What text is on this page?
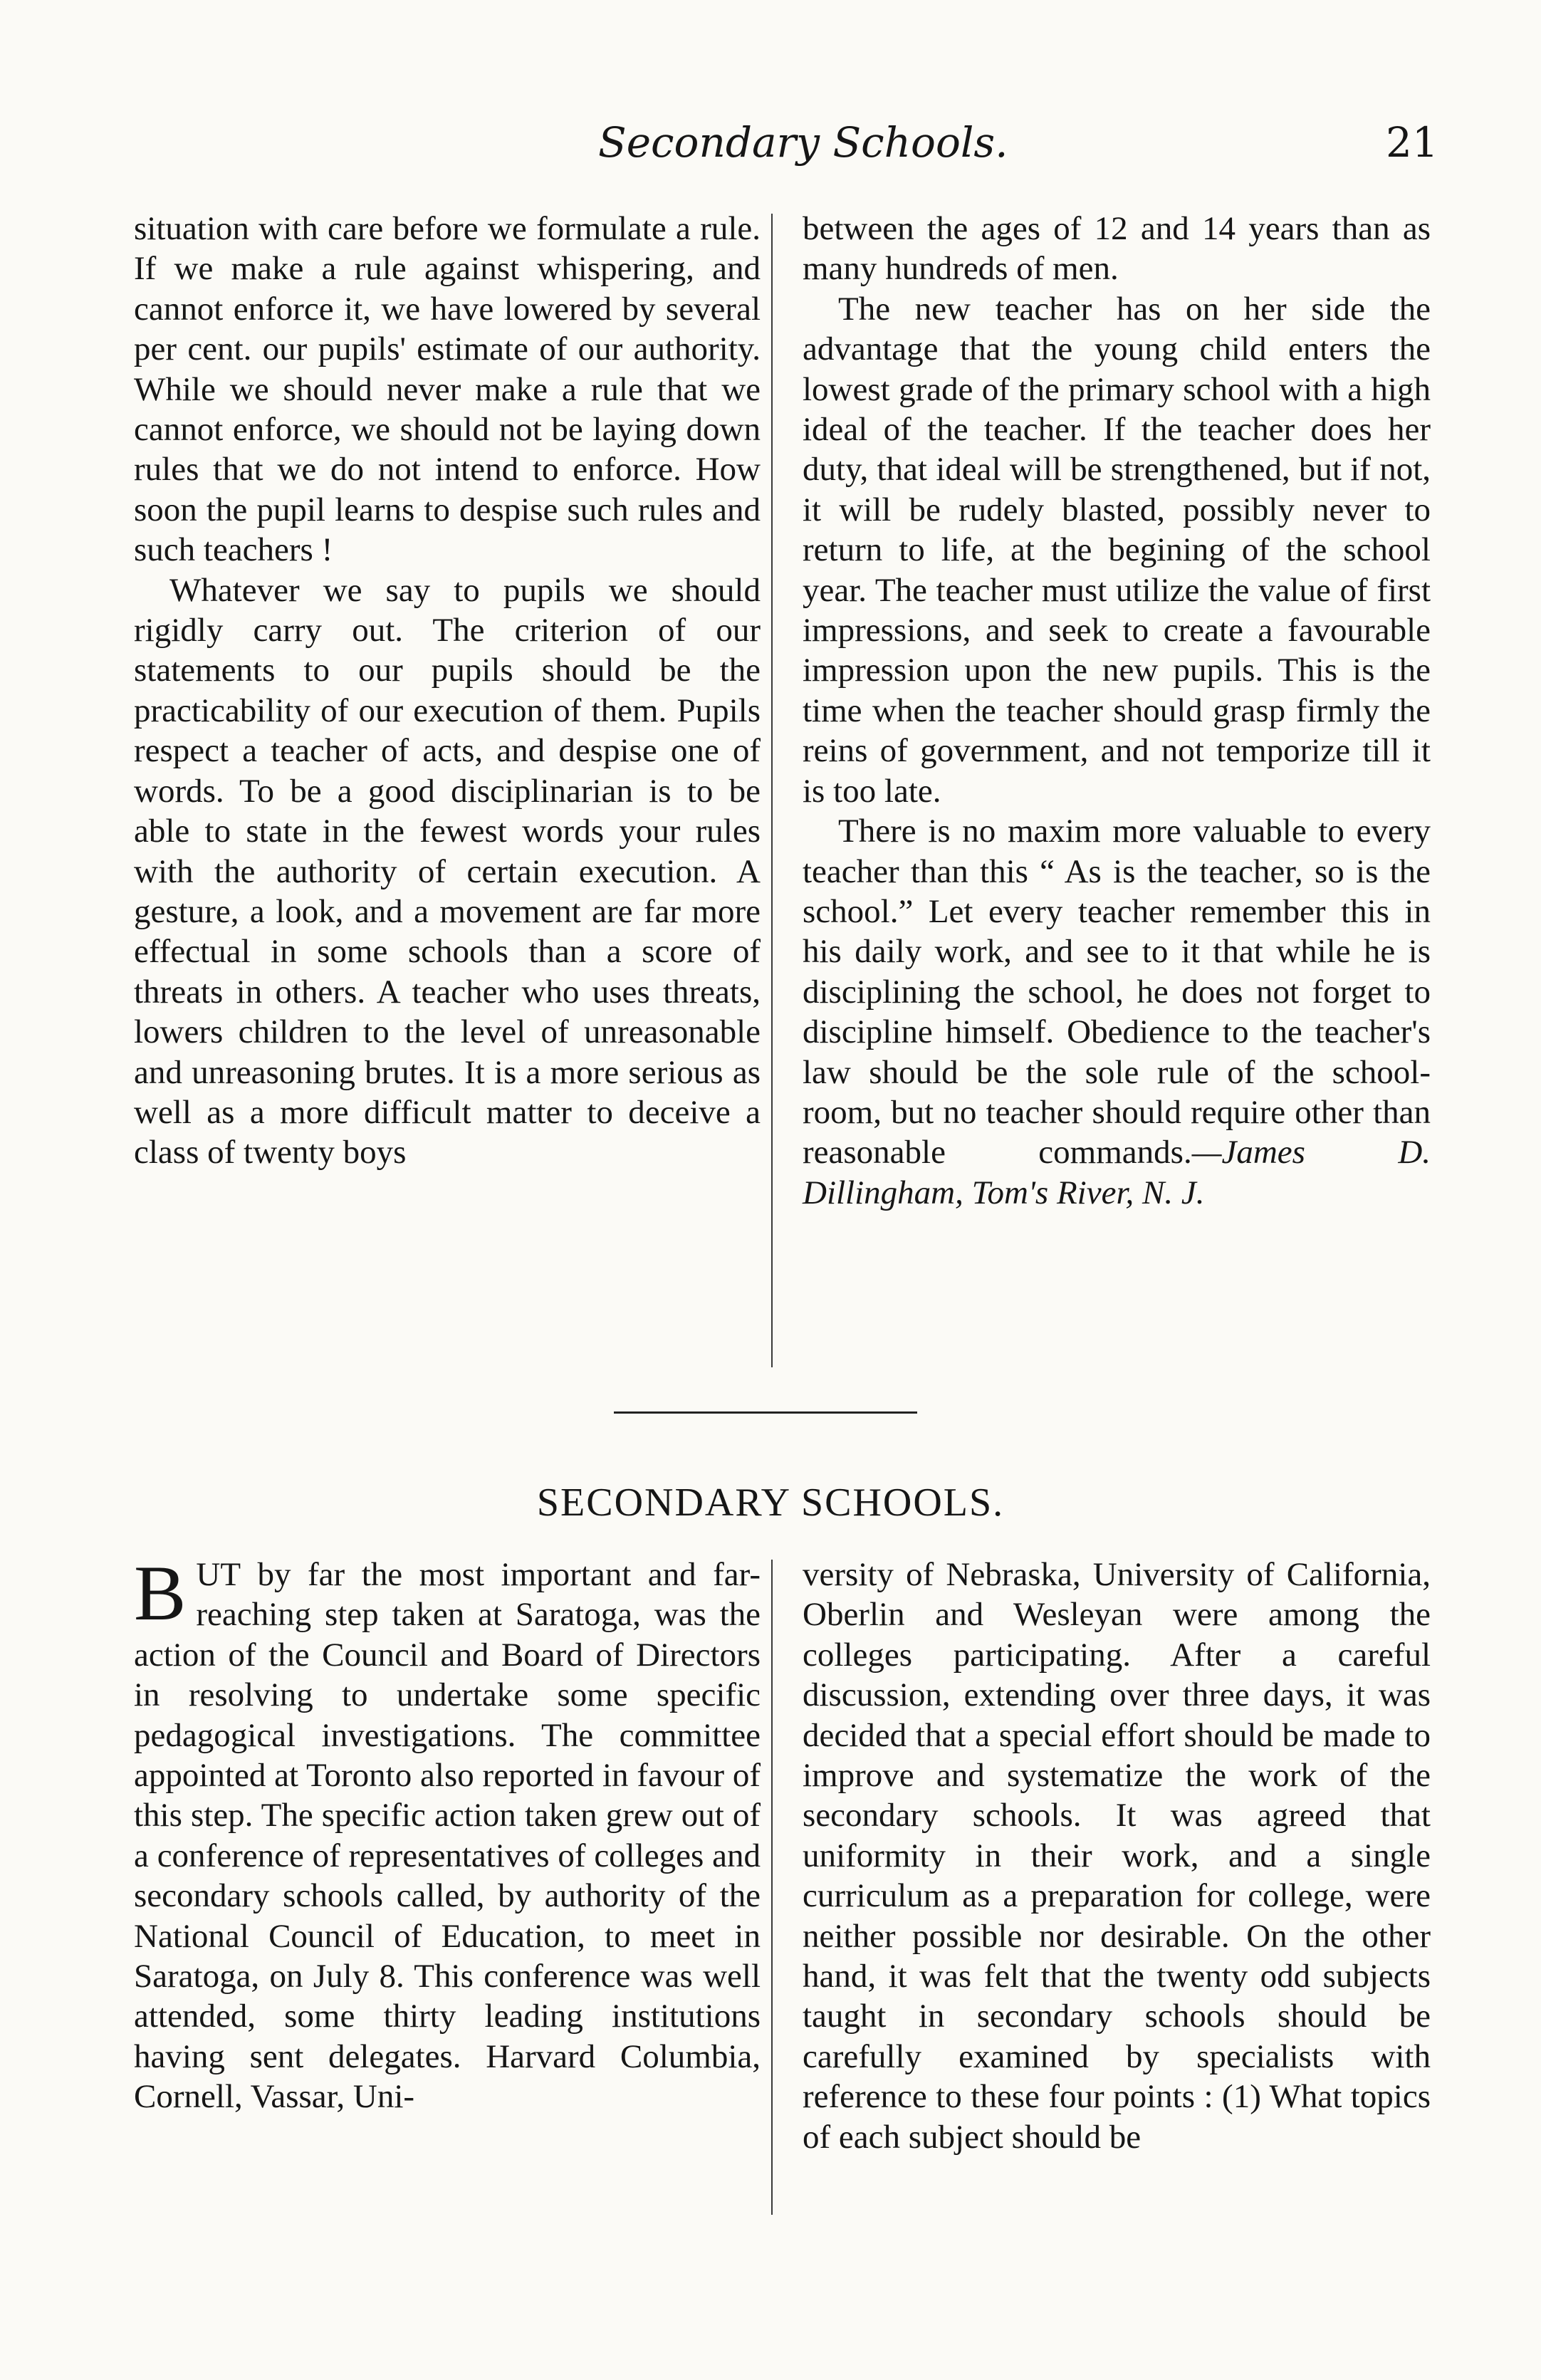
Secondary Schools.	21

situation with care before we formulate a rule. If we make a rule against whispering, and cannot enforce it, we have lowered by several per cent. our pupils' estimate of our authority. While we should never make a rule that we cannot enforce, we should not be laying down rules that we do not intend to enforce. How soon the pupil learns to despise such rules and such teachers !

Whatever we say to pupils we should rigidly carry out. The criterion of our statements to our pupils should be the practicability of our execution of them. Pupils respect a teacher of acts, and despise one of words. To be a good disciplinarian is to be able to state in the fewest words your rules with the authority of certain execution. A gesture, a look, and a movement are far more effectual in some schools than a score of threats in others. A teacher who uses threats, lowers children to the level of unreasonable and unreasoning brutes. It is a more serious as well as a more difficult matter to deceive a class of twenty boys

between the ages of 12 and 14 years than as many hundreds of men.

The new teacher has on her side the advantage that the young child enters the lowest grade of the primary school with a high ideal of the teacher. If the teacher does her duty, that ideal will be strengthened, but if not, it will be rudely blasted, possibly never to return to life, at the begining of the school year. The teacher must utilize the value of first impressions, and seek to create a favourable impression upon the new pupils. This is the time when the teacher should grasp firmly the reins of government, and not temporize till it is too late.

There is no maxim more valuable to every teacher than this “ As is the teacher, so is the school.” Let every teacher remember this in his daily work, and see to it that while he is disciplining the school, he does not forget to discipline himself. Obedience to the teacher's law should be the sole rule of the school-room, but no teacher should require other than reasonable commands.—James D. Dillingham, Tom's River, N. J.

SECONDARY SCHOOLS.

BUT by far the most important and far-reaching step taken at Saratoga, was the action of the Council and Board of Directors in resolving to undertake some specific pedagogical investigations. The committee appointed at Toronto also reported in favour of this step. The specific action taken grew out of a conference of representatives of colleges and secondary schools called, by authority of the National Council of Education, to meet in Saratoga, on July 8. This conference was well attended, some thirty leading institutions having sent delegates. Harvard Columbia, Cornell, Vassar, Uni-

versity of Nebraska, University of California, Oberlin and Wesleyan were among the colleges participating. After a careful discussion, extending over three days, it was decided that a special effort should be made to improve and systematize the work of the secondary schools. It was agreed that uniformity in their work, and a single curriculum as a preparation for college, were neither possible nor desirable. On the other hand, it was felt that the twenty odd subjects taught in secondary schools should be carefully examined by specialists with reference to these four points : (1) What topics of each subject should be
